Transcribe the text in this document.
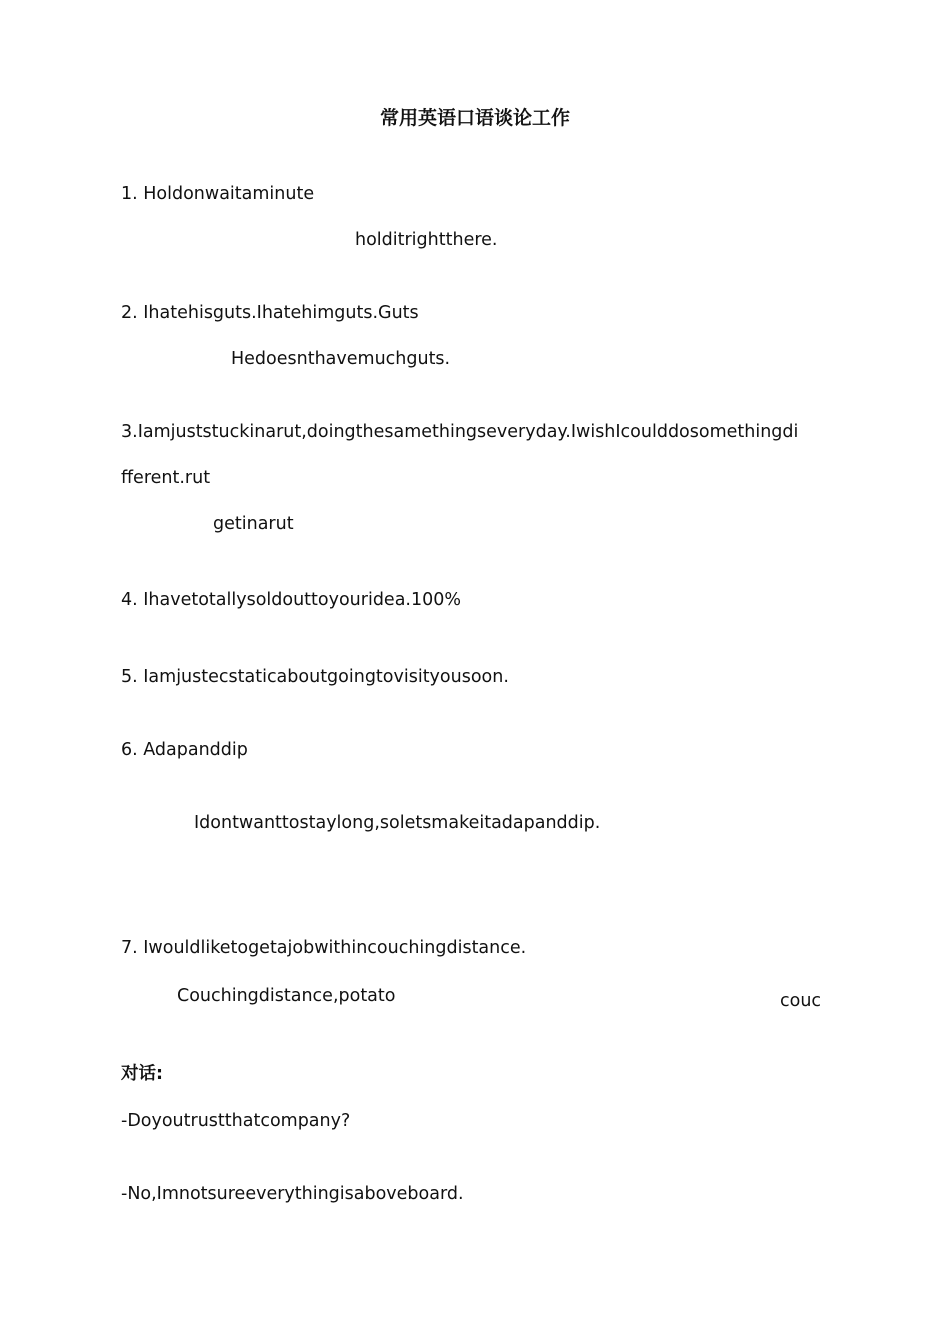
常用英语口语谈论工作

1. Holdonwaitaminute

holditrightthere.

2. Ihatehisguts.Ihatehimguts.Guts

Hedoesnthavemuchguts.

3.Iamjuststuckinarut,doingthesamethingseveryday.IwishIcoulddosomethingdi

fferent.rut

getinarut

4. Ihavetotallysoldouttoyouridea.100%

5. Iamjustecstaticaboutgoingtovisityousoon.

6. Adapanddip

Idontwanttostaylong,soletsmakeitadapanddip.

7. Iwouldliketogetajobwithincouchingdistance.

Couchingdistance,potato	couc

对话:

-Doyoutrustthatcompany?

-No,Imnotsureeverythingisaboveboard.
